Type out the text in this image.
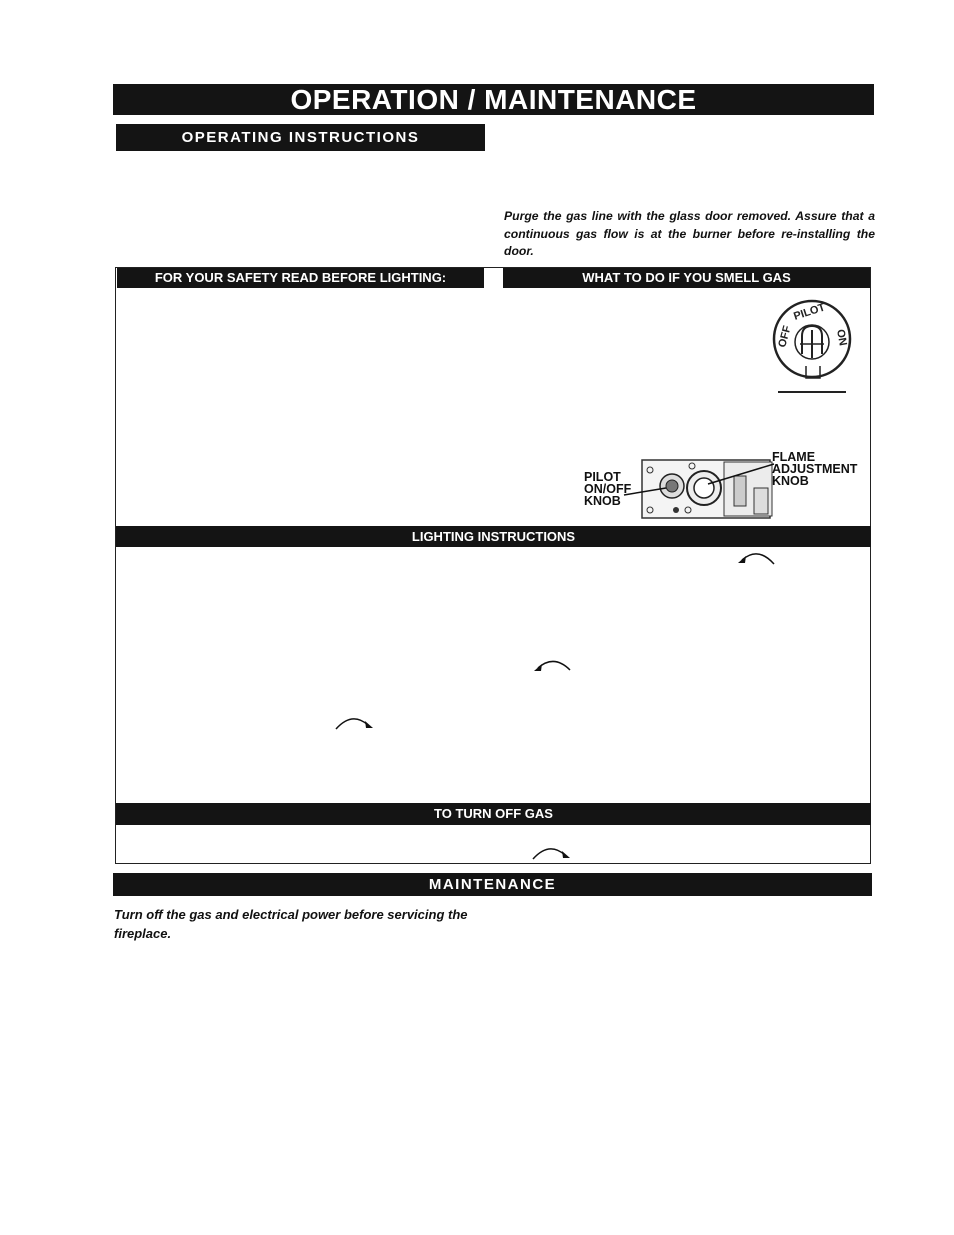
OPERATION / MAINTENANCE
OPERATING INSTRUCTIONS
Purge the gas line with the glass door removed. Assure that a continuous gas flow is at the burner before re-installing the door.
FOR YOUR SAFETY READ BEFORE LIGHTING:	WHAT TO DO IF YOU SMELL GAS
OFF
PILOT
ON
PILOT
ON/OFF
KNOB
FLAME
ADJUSTMENT
KNOB
LIGHTING INSTRUCTIONS
TO TURN OFF GAS
MAINTENANCE
Turn off the gas and electrical power before servicing the fireplace.
